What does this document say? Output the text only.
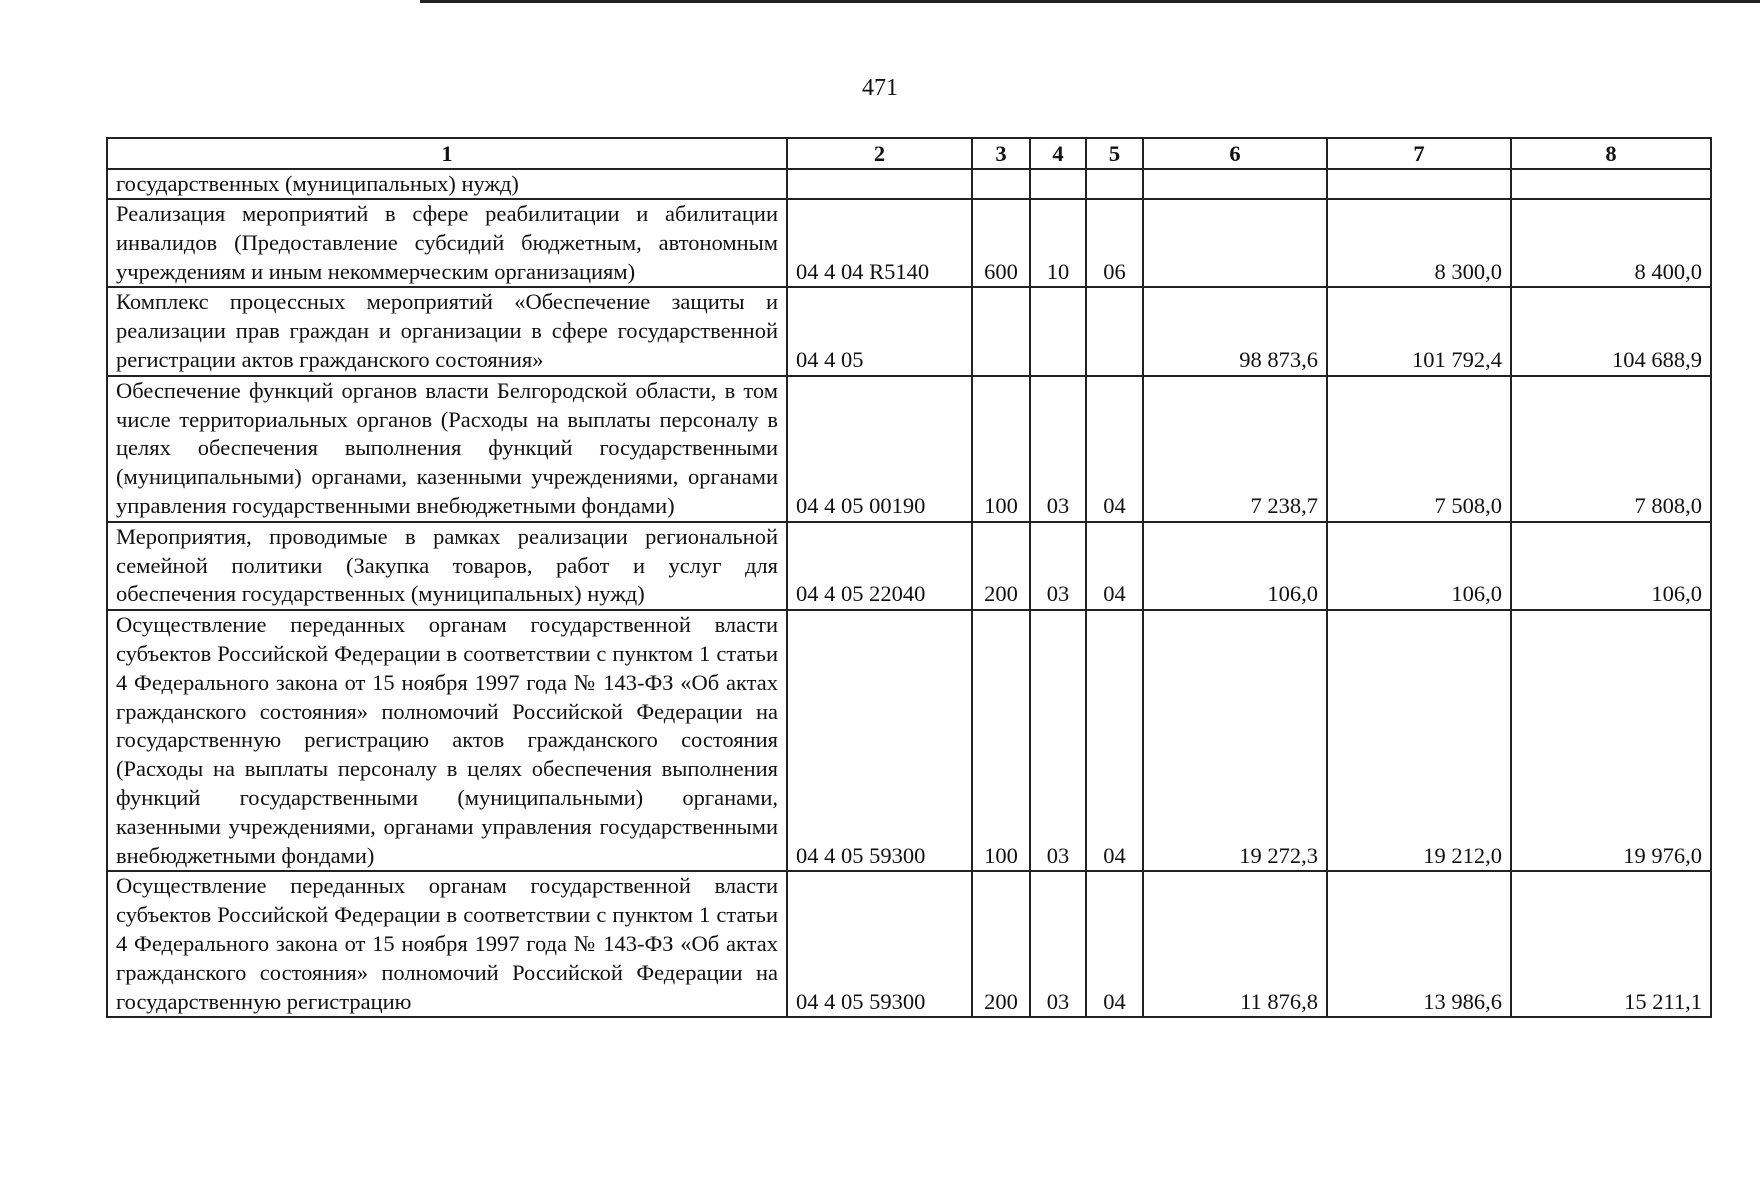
471
1	2	3	4	5	6	7	8
государственных (муниципальных) нужд)							
Реализация мероприятий в сфере реабилитации и абилитации инвалидов (Предоставление субсидий бюджетным, автономным учреждениям и иным некоммерческим организациям)	04 4 04 R5140	600	10	06		8 300,0	8 400,0
Комплекс процессных мероприятий «Обеспечение защиты и реализации прав граждан и организации в сфере государственной регистрации актов гражданского состояния»	04 4 05				98 873,6	101 792,4	104 688,9
Обеспечение функций органов власти Белгородской области, в том числе территориальных органов (Расходы на выплаты персоналу в целях обеспечения выполнения функций государственными (муниципальными) органами, казенными учреждениями, органами управления государственными внебюджетными фондами)	04 4 05 00190	100	03	04	7 238,7	7 508,0	7 808,0
Мероприятия, проводимые в рамках реализации региональной семейной политики (Закупка товаров, работ и услуг для обеспечения государственных (муниципальных) нужд)	04 4 05 22040	200	03	04	106,0	106,0	106,0
Осуществление переданных органам государственной власти субъектов Российской Федерации в соответствии с пунктом 1 статьи 4 Федерального закона от 15 ноября 1997 года № 143-ФЗ «Об актах гражданского состояния» полномочий Российской Федерации на государственную регистрацию актов гражданского состояния (Расходы на выплаты персоналу в целях обеспечения выполнения функций государственными (муниципальными) органами, казенными учреждениями, органами управления государственными внебюджетными фондами)	04 4 05 59300	100	03	04	19 272,3	19 212,0	19 976,0
Осуществление переданных органам государственной власти субъектов Российской Федерации в соответствии с пунктом 1 статьи 4 Федерального закона от 15 ноября 1997 года № 143-ФЗ «Об актах гражданского состояния» полномочий Российской Федерации на государственную регистрацию	04 4 05 59300	200	03	04	11 876,8	13 986,6	15 211,1
